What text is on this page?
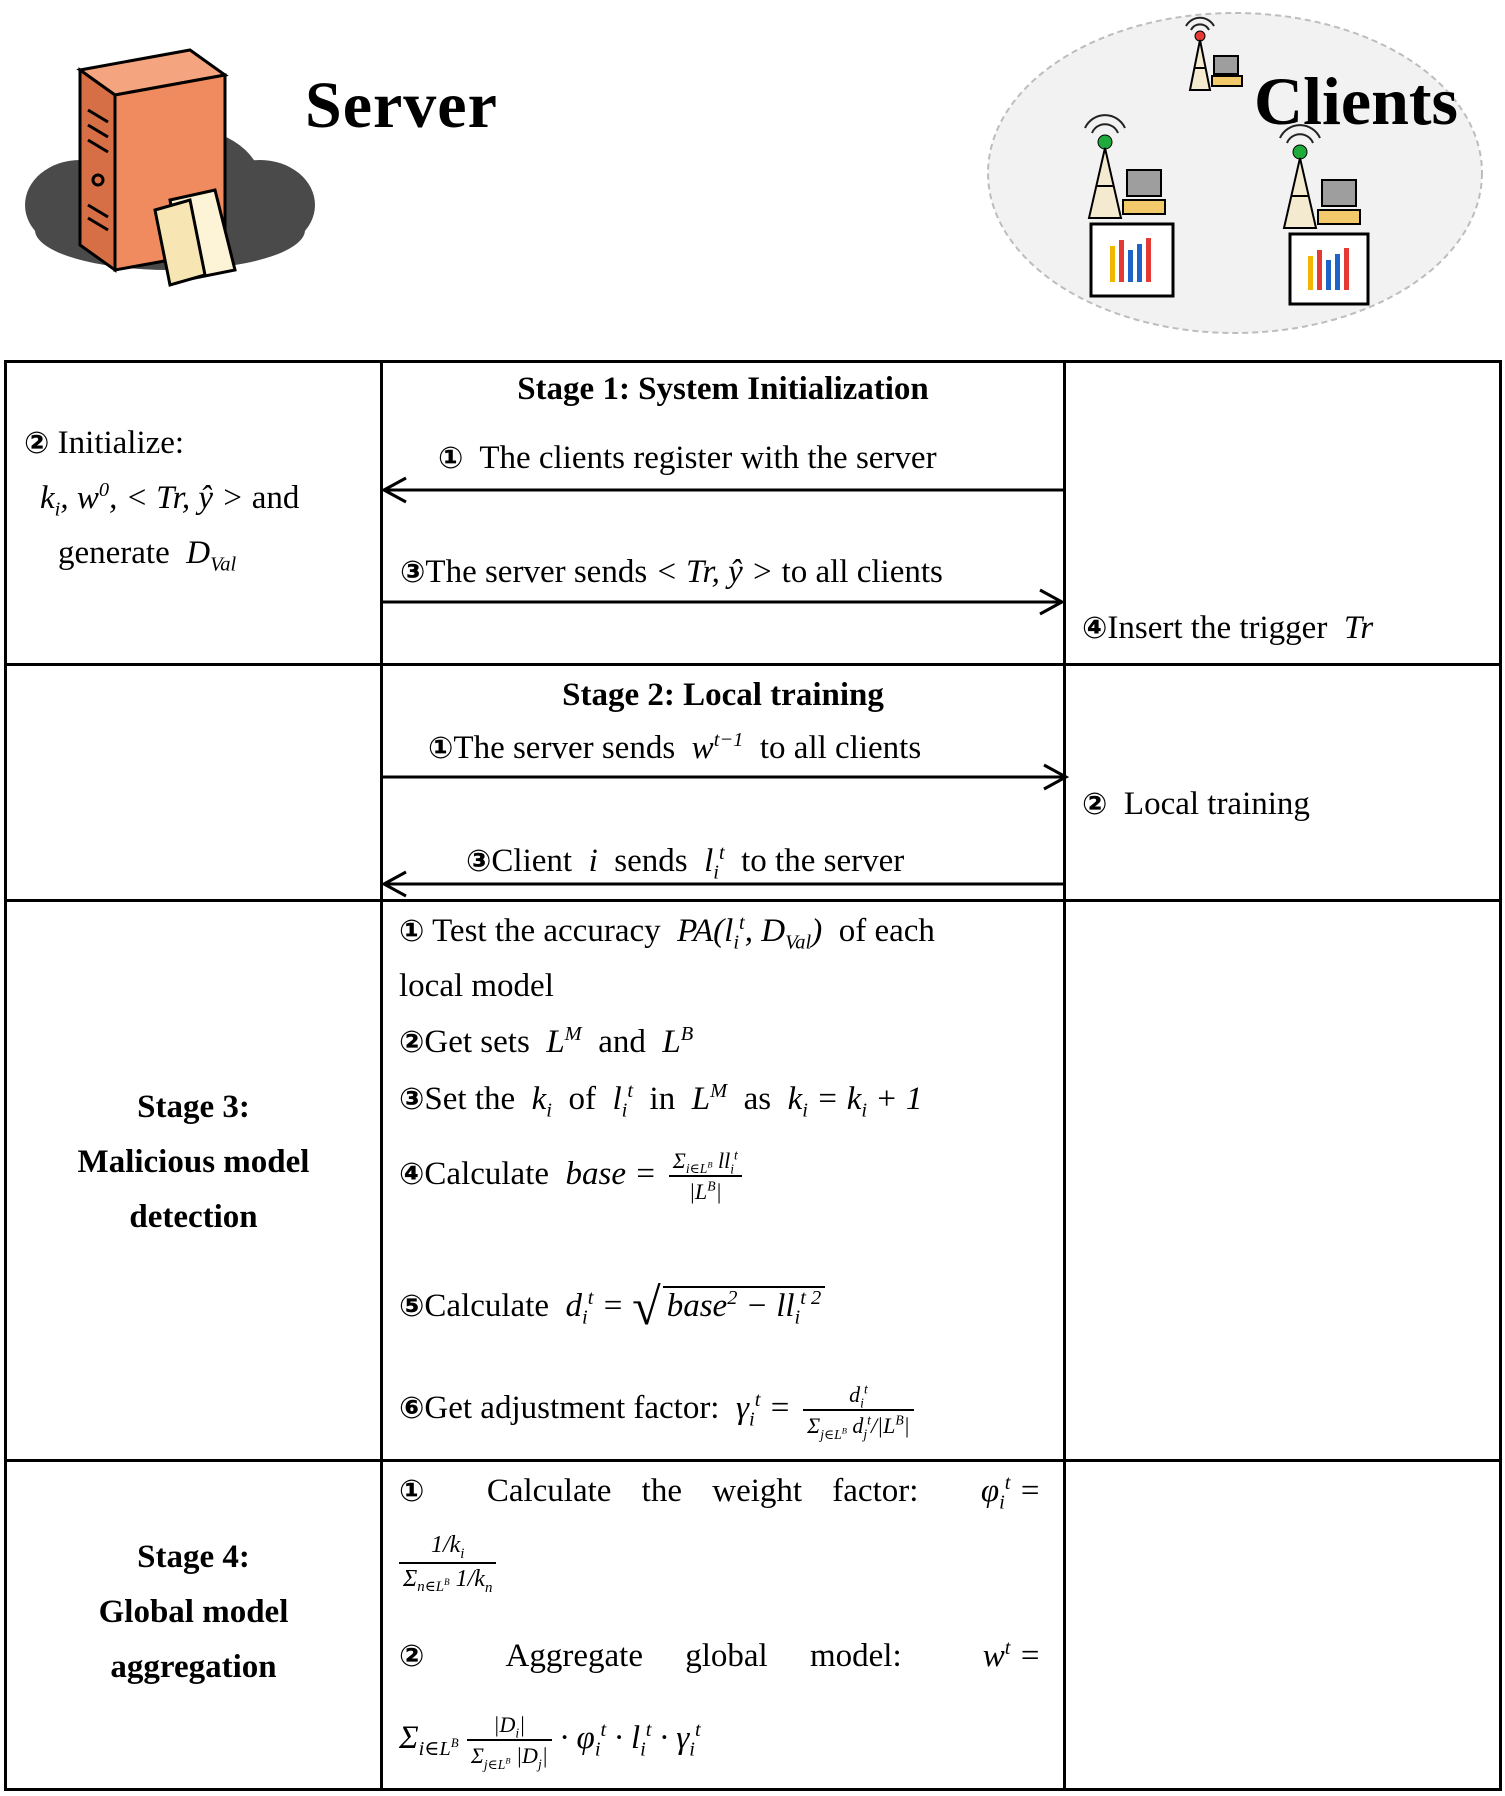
Server	Clients
Stage 1: System Initialization
② Initialize:
$k_i$, $w^0$, < Tr, ŷ > and
generate $D_{Val}$
① The clients register with the server
③The server sends < Tr, ŷ > to all clients
④Insert the trigger Tr
Stage 2: Local training
①The server sends $w^{t-1}$ to all clients
② Local training
③Client i sends $l_i^t$ to the server
Stage 3:
Malicious model
detection
① Test the accuracy $PA(l_i^t$, $D_{Val}$) of each
local model
②Get sets $L^M$ and $L^B$
③Set the $k_i$ of $l_i^t$ in $L^M$ as $k_i = k_i + 1$
④Calculate base = $\frac{\Sigma_{i\in L^B} ll_i^t}{|L^B|}$
⑤Calculate $d_i^t$ = √ base$^2$ − $ll_i^{t 2}$
⑥Get adjustment factor: $\gamma_i^t = \frac{d_i^t}{\Sigma_{j\in L^B} d_j^t/|L^B|}$
Stage 4:
Global model
aggregation
① Calculate the weight factor: $\varphi_i^t$ =
$\frac{1/k_i}{\Sigma_{n\in L^B} 1/k_n}$
② Aggregate global model: $w^t$ =
$\Sigma_{i\in L^B} \frac{|D_i|}{\Sigma_{j\in L^B} |D_j|} \cdot \varphi_i^t \cdot l_i^t \cdot \gamma_i^t$
